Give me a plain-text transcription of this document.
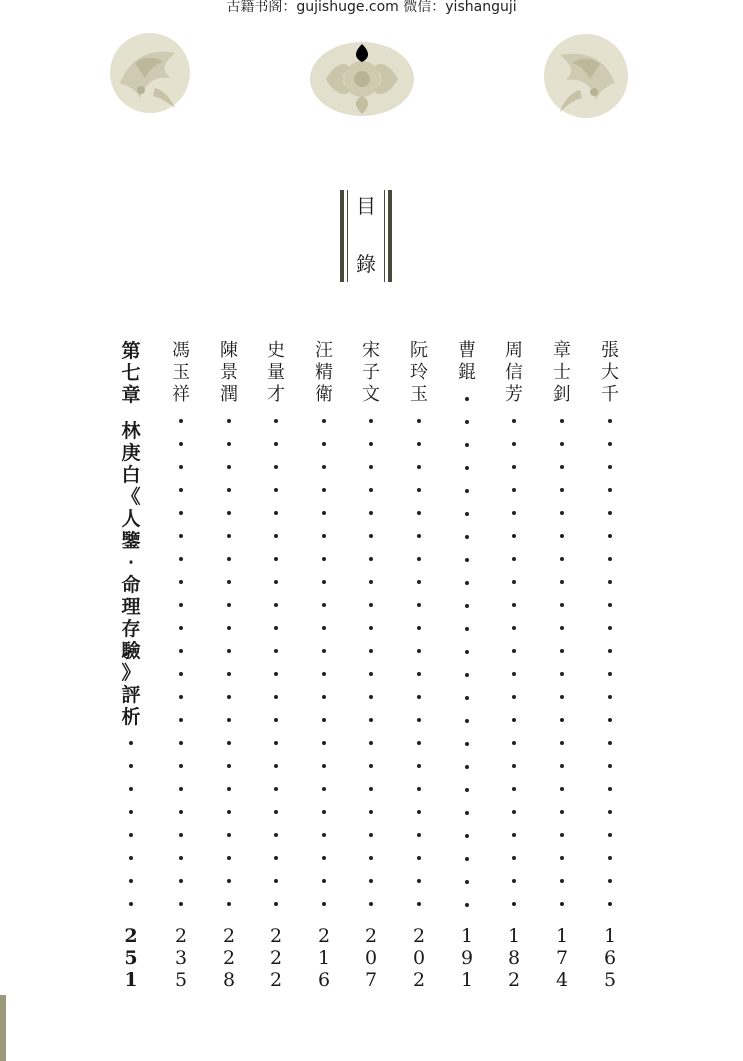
古籍书阁：gujishuge.com 微信：yishanguji
目
錄
張
大
千
1
6
5
章
士
釗
1
7
4
周
信
芳
1
8
2
曹
錕
1
9
1
阮
玲
玉
2
0
2
宋
子
文
2
0
7
汪
精
衛
2
1
6
史
量
才
2
2
2
陳
景
潤
2
2
8
馮
玉
祥
2
3
5
第
七
章

林
庚
白
《
人
鑒
‧
命
理
存
驗
》
評
析
2
5
1
